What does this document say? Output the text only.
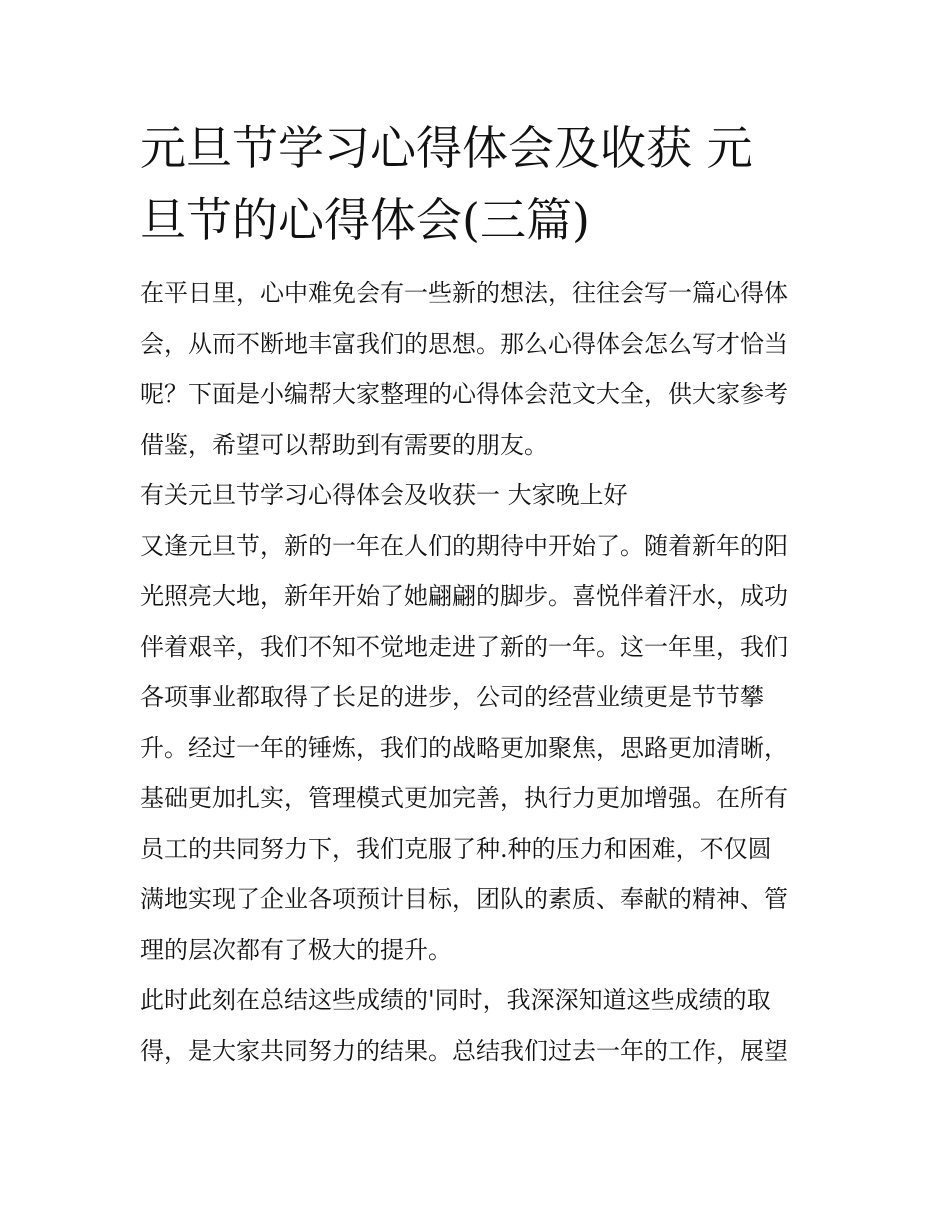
元旦节学习心得体会及收获 元
旦节的心得体会(三篇)

在平日里，心中难免会有一些新的想法，往往会写一篇心得体
会，从而不断地丰富我们的思想。那么心得体会怎么写才恰当
呢？下面是小编帮大家整理的心得体会范文大全，供大家参考
借鉴，希望可以帮助到有需要的朋友。

有关元旦节学习心得体会及收获一 大家晚上好

又逢元旦节，新的一年在人们的期待中开始了。随着新年的阳
光照亮大地，新年开始了她翩翩的脚步。喜悦伴着汗水，成功
伴着艰辛，我们不知不觉地走进了新的一年。这一年里，我们
各项事业都取得了长足的进步，公司的经营业绩更是节节攀
升。经过一年的锤炼，我们的战略更加聚焦，思路更加清晰，
基础更加扎实，管理模式更加完善，执行力更加增强。在所有
员工的共同努力下，我们克服了种.种的压力和困难，不仅圆
满地实现了企业各项预计目标，团队的素质、奉献的精神、管
理的层次都有了极大的提升。

此时此刻在总结这些成绩的'同时，我深深知道这些成绩的取
得，是大家共同努力的结果。总结我们过去一年的工作，展望
